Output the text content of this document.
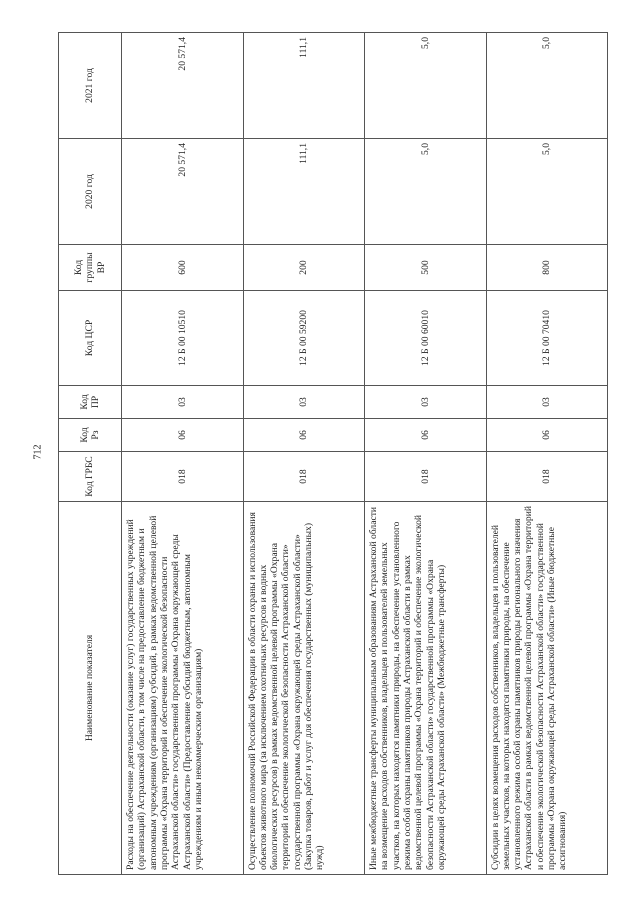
712
Наименование показателя	Код ГРБС	Код Рз	Код ПР	Код ЦСР	Код группы ВР	2020 год	2021 год
Расходы на обеспечение деятельности (оказание услуг) государственных учреждений (организаций) Астраханской области, в том числе на предоставление бюджетным и автономным учреждениям (организациям) субсидий, в рамках ведомственной целевой программы «Охрана территорий и обеспечение экологической безопасности Астраханской области» государственной программы «Охрана окружающей среды Астраханской области» (Предоставление субсидий бюджетным, автономным учреждениям и иным некоммерческим организациям)	018	06	03	12 Б 00 10510	600	20 571,4	20 571,4
Осуществление полномочий Российской Федерации в области охраны и использования объектов животного мира (за исключением охотничьих ресурсов и водных биологических ресурсов) в рамках ведомственной целевой программы «Охрана территорий и обеспечение экологической безопасности Астраханской области» государственной программы «Охрана окружающей среды Астраханской области» (Закупка товаров, работ и услуг для обеспечения государственных (муниципальных) нужд)	018	06	03	12 Б 00 59200	200	111,1	111,1
Иные межбюджетные трансферты муниципальным образованиям Астраханской области на возмещение расходов собственников, владельцев и пользователей земельных участков, на которых находятся памятники природы, на обеспечение установленного режима особой охраны памятников природы Астраханской области в рамках ведомственной целевой программы «Охрана территорий и обеспечение экологической безопасности Астраханской области» государственной программы «Охрана окружающей среды Астраханской области» (Межбюджетные трансферты)	018	06	03	12 Б 00 60010	500	5,0	5,0
Субсидии в целях возмещения расходов собственников, владельцев и пользователей земельных участков, на которых находятся памятники природы, на обеспечение установленного режима особой охраны памятников природы регионального значения Астраханской области в рамках ведомственной целевой программы «Охрана территорий и обеспечение экологической безопасности Астраханской области» государственной программы «Охрана окружающей среды Астраханской области» (Иные бюджетные ассигнования)	018	06	03	12 Б 00 70410	800	5,0	5,0
